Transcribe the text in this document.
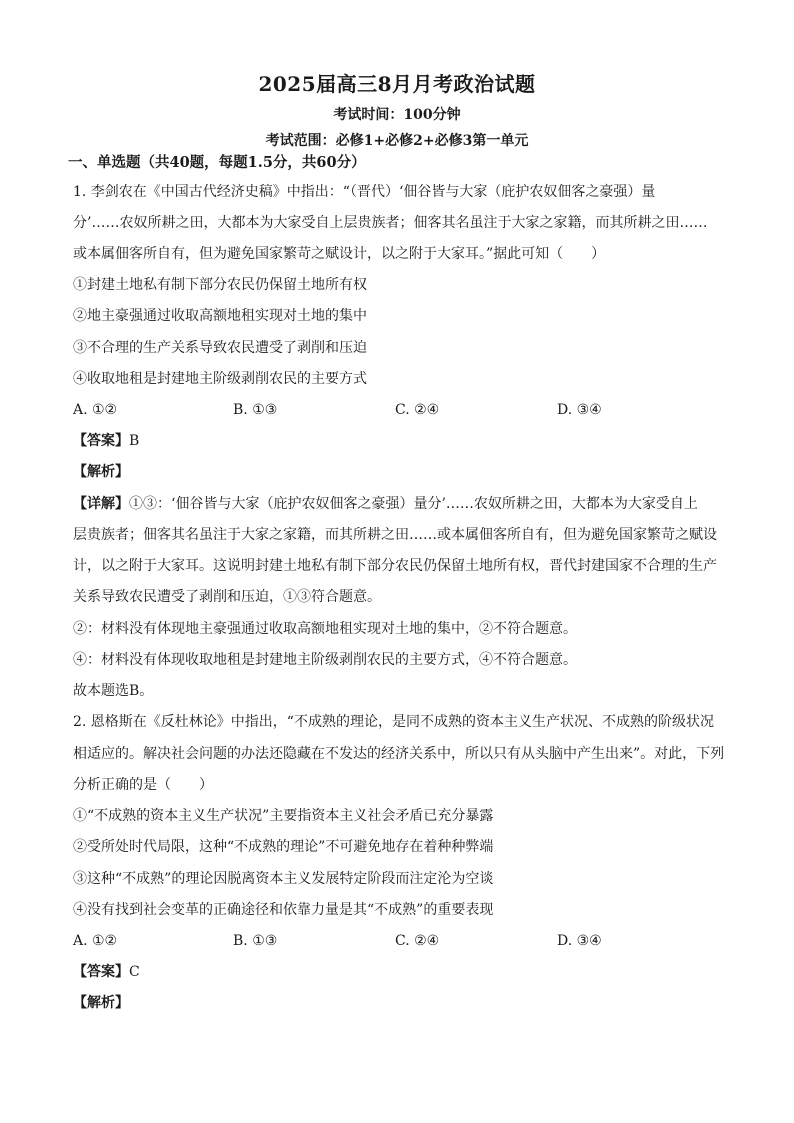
2025届高三8月月考政治试题
考试时间：100分钟
考试范围：必修1+必修2+必修3第一单元
一、单选题（共40题，每题1.5分，共60分）
1. 李剑农在《中国古代经济史稿》中指出：“（晋代）‘佃谷皆与大家（庇护农奴佃客之豪强）量
分’……农奴所耕之田，大都本为大家受自上层贵族者；佃客其名虽注于大家之家籍，而其所耕之田……
或本属佃客所自有，但为避免国家繁苛之赋设计，以之附于大家耳。”据此可知（　　）
①封建土地私有制下部分农民仍保留土地所有权
②地主豪强通过收取高额地租实现对土地的集中
③不合理的生产关系导致农民遭受了剥削和压迫
④收取地租是封建地主阶级剥削农民的主要方式
A. ①②	B. ①③	C. ②④	D. ③④
【答案】B
【解析】
【详解】①③：‘佃谷皆与大家（庇护农奴佃客之豪强）量分’……农奴所耕之田，大都本为大家受自上
层贵族者；佃客其名虽注于大家之家籍，而其所耕之田……或本属佃客所自有，但为避免国家繁苛之赋设
计，以之附于大家耳。这说明封建土地私有制下部分农民仍保留土地所有权，晋代封建国家不合理的生产
关系导致农民遭受了剥削和压迫，①③符合题意。
②：材料没有体现地主豪强通过收取高额地租实现对土地的集中，②不符合题意。
④：材料没有体现收取地租是封建地主阶级剥削农民的主要方式，④不符合题意。
故本题选B。
2. 恩格斯在《反杜林论》中指出，“不成熟的理论，是同不成熟的资本主义生产状况、不成熟的阶级状况
相适应的。解决社会问题的办法还隐藏在不发达的经济关系中，所以只有从头脑中产生出来”。对此，下列
分析正确的是（　　）
①“不成熟的资本主义生产状况”主要指资本主义社会矛盾已充分暴露
②受所处时代局限，这种“不成熟的理论”不可避免地存在着种种弊端
③这种“不成熟”的理论因脱离资本主义发展特定阶段而注定沦为空谈
④没有找到社会变革的正确途径和依靠力量是其“不成熟”的重要表现
A. ①②	B. ①③	C. ②④	D. ③④
【答案】C
【解析】
